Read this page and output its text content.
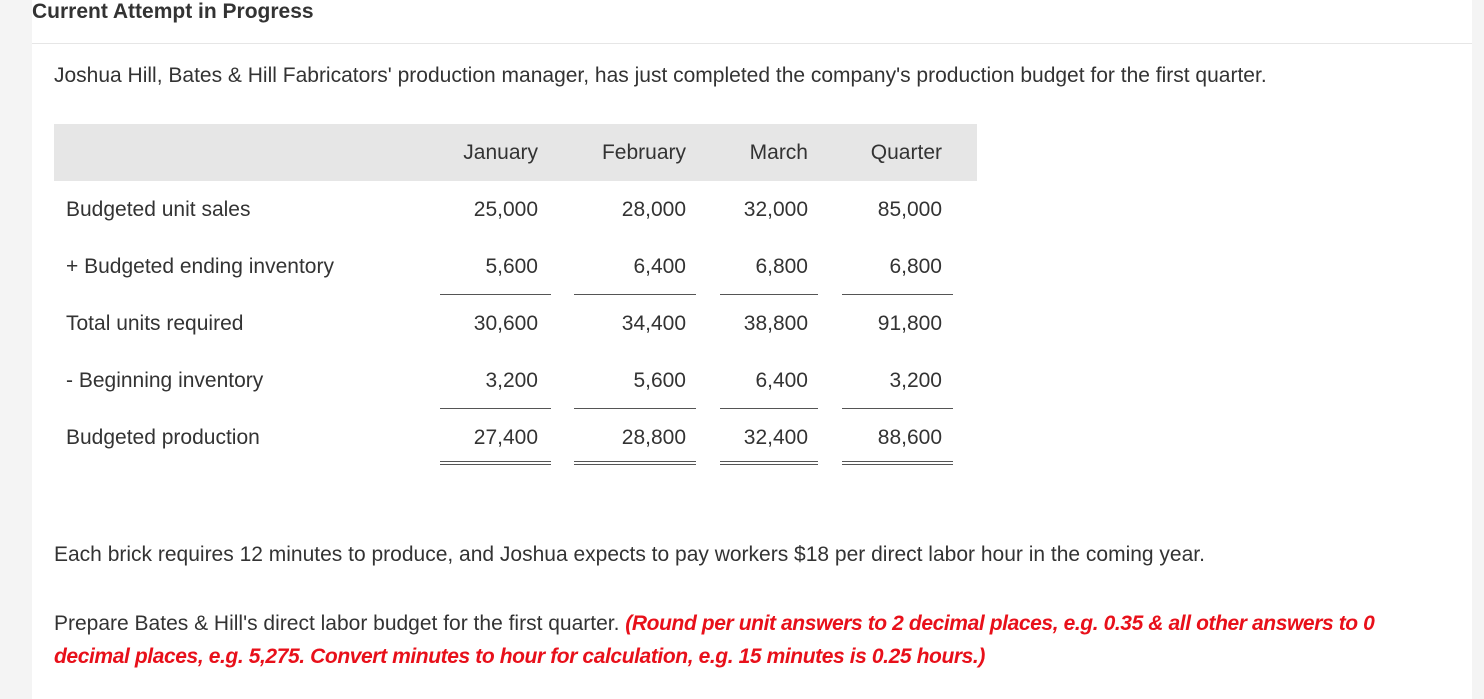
Current Attempt in Progress
Joshua Hill, Bates & Hill Fabricators' production manager, has just completed the company's production budget for the first quarter.
January	February	March	Quarter
Budgeted unit sales	25,000	28,000	32,000	85,000
+ Budgeted ending inventory	5,600	6,400	6,800	6,800
Total units required	30,600	34,400	38,800	91,800
- Beginning inventory	3,200	5,600	6,400	3,200
Budgeted production	27,400	28,800	32,400	88,600
Each brick requires 12 minutes to produce, and Joshua expects to pay workers $18 per direct labor hour in the coming year.
Prepare Bates & Hill's direct labor budget for the first quarter. (Round per unit answers to 2 decimal places, e.g. 0.35 & all other answers to 0 decimal places, e.g. 5,275. Convert minutes to hour for calculation, e.g. 15 minutes is 0.25 hours.)
